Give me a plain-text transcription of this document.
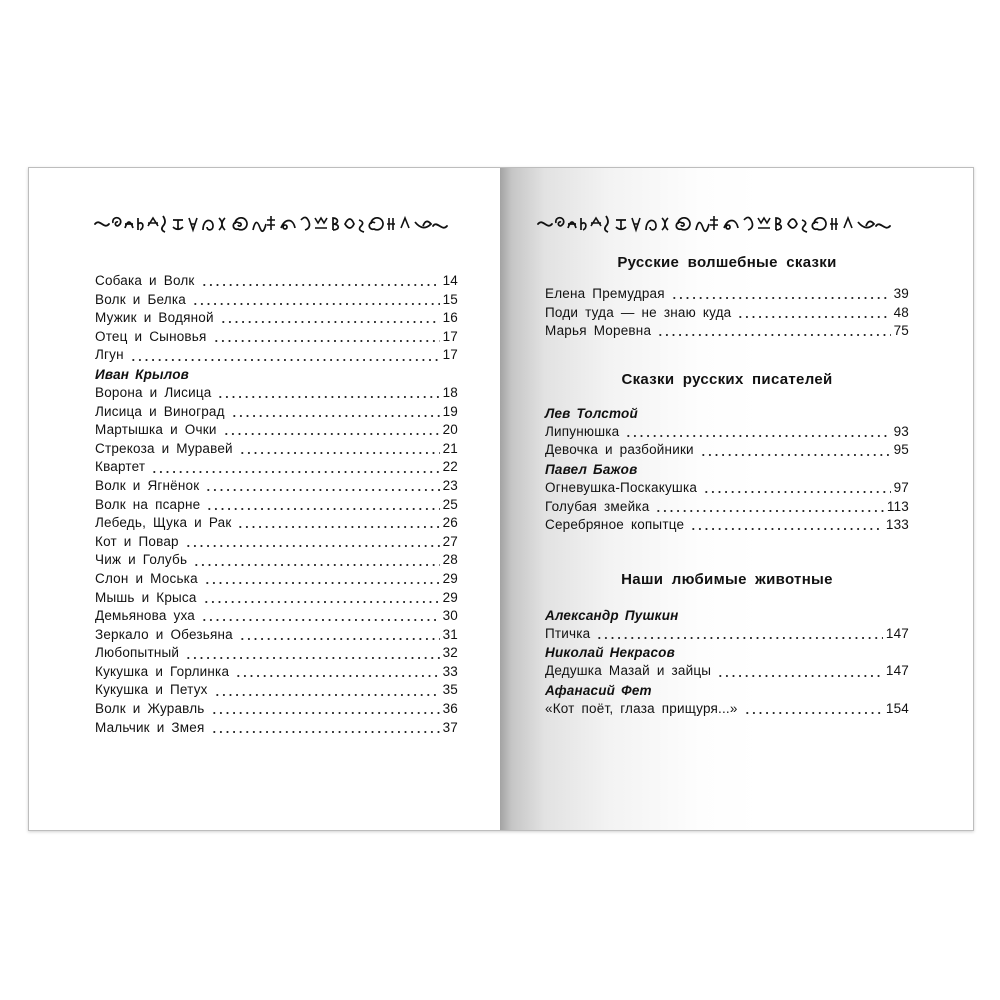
Собака и Волк	14
Волк и Белка	15
Мужик и Водяной	16
Отец и Сыновья	17
Лгун	17
Иван Крылов
Ворона и Лисица	18
Лисица и Виноград	19
Мартышка и Очки	20
Стрекоза и Муравей	21
Квартет	22
Волк и Ягнёнок	23
Волк на псарне	25
Лебедь, Щука и Рак	26
Кот и Повар	27
Чиж и Голубь	28
Слон и Моська	29
Мышь и Крыса	29
Демьянова уха	30
Зеркало и Обезьяна	31
Любопытный	32
Кукушка и Горлинка	33
Кукушка и Петух	35
Волк и Журавль	36
Мальчик и Змея	37
Русские волшебные сказки
Елена Премудрая	39
Поди туда — не знаю куда	48
Марья Моревна	75
Сказки русских писателей
Лев Толстой
Липунюшка	93
Девочка и разбойники	95
Павел Бажов
Огневушка-Поскакушка	97
Голубая змейка	113
Серебряное копытце	133
Наши любимые животные
Александр Пушкин
Птичка	147
Николай Некрасов
Дедушка Мазай и зайцы	147
Афанасий Фет
«Кот поёт, глаза прищуря...»	154
